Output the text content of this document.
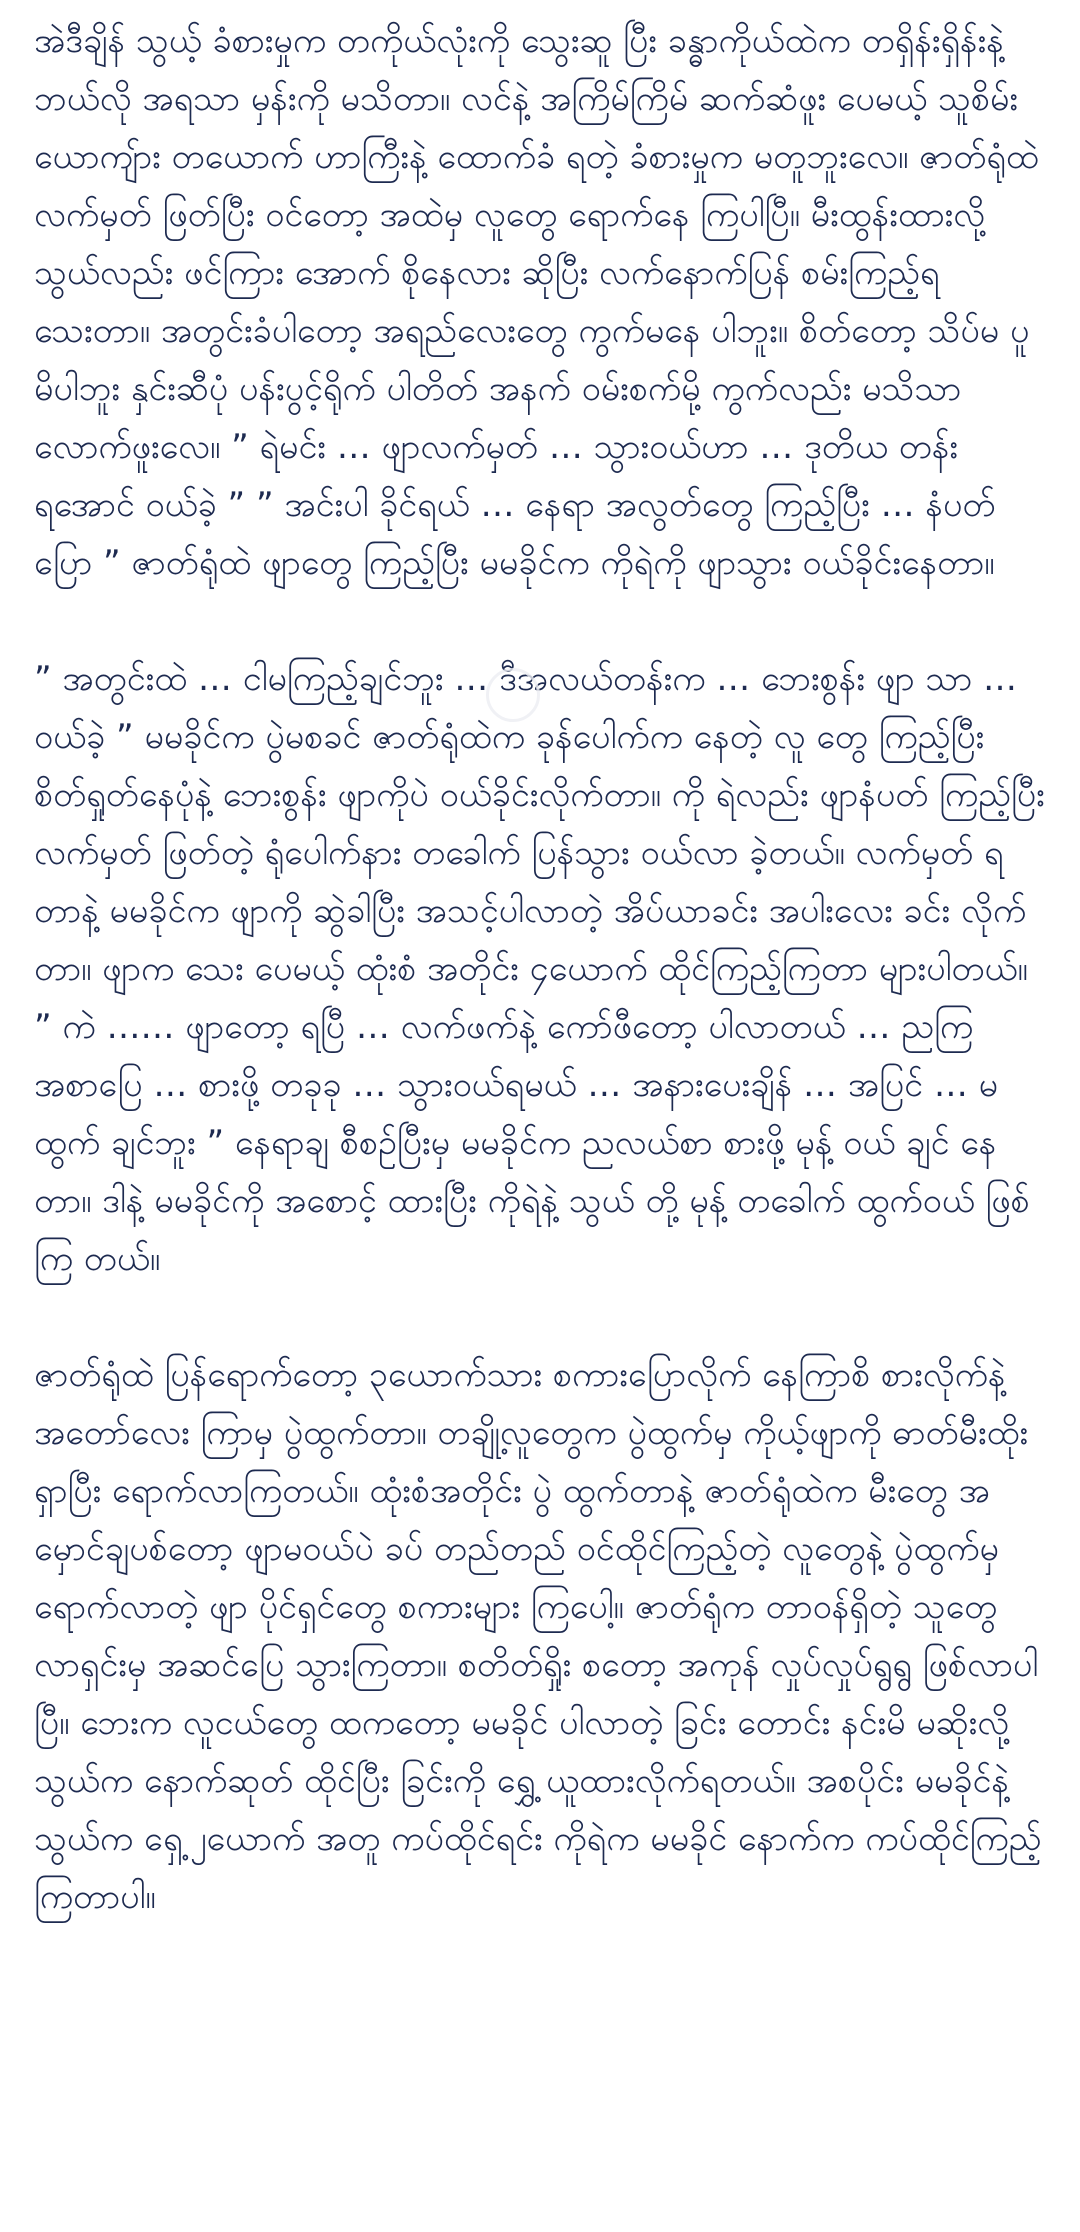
အဲဒီချိန် သွယ့် ခံစားမှုက တကိုယ်လုံးကို သွေးဆူ ပြီး ခန္ဓာကိုယ်ထဲက တရှိန်းရှိန်းနဲ့ ဘယ်လို အရသာ မှန်းကို မသိတာ။ လင်နဲ့ အကြိမ်ကြိမ် ဆက်ဆံဖူး ပေမယ့် သူစိမ်း ယောကျ်ား တယောက် ဟာကြီးနဲ့ ထောက်ခံ ရတဲ့ ခံစားမှုက မတူဘူးလေ။ ဇာတ်ရုံထဲ လက်မှတ် ဖြတ်ပြီး ဝင်တော့ အထဲမှ လူတွေ ရောက်နေ ကြပါပြီ။ မီးထွန်းထားလို့ သွယ်လည်း ဖင်ကြား အောက် စိုနေလား ဆိုပြီး လက်နောက်ပြန် စမ်းကြည့်ရ သေးတာ။ အတွင်းခံပါတော့ အရည်လေးတွေ ကွက်မနေ ပါဘူး။ စိတ်တော့ သိပ်မ ပူမိပါဘူး နှင်းဆီပုံ ပန်းပွင့်ရိုက် ပါတိတ် အနက် ဝမ်းစက်မို့ ကွက်လည်း မသိသာ လောက်ဖူးလေ။ ” ရဲမင်း … ဖျာလက်မှတ် … သွားဝယ်ဟာ … ဒုတိယ တန်း ရအောင် ဝယ်ခဲ့ ” ” အင်းပါ ခိုင်ရယ် … နေရာ အလွတ်တွေ ကြည့်ပြီး … နံပတ်ပြော ” ဇာတ်ရုံထဲ ဖျာတွေ ကြည့်ပြီး မမခိုင်က ကိုရဲကို ဖျာသွား ဝယ်ခိုင်းနေတာ။

” အတွင်းထဲ … ငါမကြည့်ချင်ဘူး … ဒီအလယ်တန်းက … ဘေးစွန်း ဖျာ သာ … ဝယ်ခဲ့ ” မမခိုင်က ပွဲမစခင် ဇာတ်ရုံထဲက ခုန်ပေါက်က နေတဲ့ လူ တွေ ကြည့်ပြီး စိတ်ရှုတ်နေပုံနဲ့ ဘေးစွန်း ဖျာကိုပဲ ဝယ်ခိုင်းလိုက်တာ။ ကို ရဲလည်း ဖျာနံပတ် ကြည့်ပြီး လက်မှတ် ဖြတ်တဲ့ ရုံပေါက်နား တခေါက် ပြန်သွား ဝယ်လာ ခဲ့တယ်။ လက်မှတ် ရတာနဲ့ မမခိုင်က ဖျာကို ဆွဲခါပြီး အသင့်ပါလာတဲ့ အိပ်ယာခင်း အပါးလေး ခင်း လိုက်တာ။ ဖျာက သေး ပေမယ့် ထုံးစံ အတိုင်း ၄ယောက် ထိုင်ကြည့်ကြတာ များပါတယ်။ ” ကဲ …… ဖျာတော့ ရပြီ … လက်ဖက်နဲ့ ကော်ဖီတော့ ပါလာတယ် … ညကြ အစာပြေ … စားဖို့ တခုခု … သွားဝယ်ရမယ် … အနားပေးချိန် … အပြင် … မထွက် ချင်ဘူး ” နေရာချ စီစဉ်ပြီးမှ မမခိုင်က ညလယ်စာ စားဖို့ မုန့် ဝယ် ချင် နေတာ။ ဒါနဲ့ မမခိုင်ကို အစောင့် ထားပြီး ကိုရဲနဲ့ သွယ် တို့ မုန့် တခေါက် ထွက်ဝယ် ဖြစ်ကြ တယ်။

ဇာတ်ရုံထဲ ပြန်ရောက်တော့ ၃ယောက်သား စကားပြောလိုက် နေကြာစိ စားလိုက်နဲ့ အတော်လေး ကြာမှ ပွဲထွက်တာ။ တချို့လူတွေက ပွဲထွက်မှ ကိုယ့်ဖျာကို ဓာတ်မီးထိုး ရှာပြီး ရောက်လာကြတယ်။ ထုံးစံအတိုင်း ပွဲ ထွက်တာနဲ့ ဇာတ်ရုံထဲက မီးတွေ အမှောင်ချပစ်တော့ ဖျာမဝယ်ပဲ ခပ် တည်တည် ဝင်ထိုင်ကြည့်တဲ့ လူတွေနဲ့ ပွဲထွက်မှ ရောက်လာတဲ့ ဖျာ ပိုင်ရှင်တွေ စကားများ ကြပေါ့။ ဇာတ်ရုံက တာဝန်ရှိတဲ့ သူတွေ လာရှင်းမှ အဆင်ပြေ သွားကြတာ။ စတိတ်ရှိုး စတော့ အကုန် လှုပ်လှုပ်ရွရွ ဖြစ်လာပါပြီ။ ဘေးက လူငယ်တွေ ထကတော့ မမခိုင် ပါလာတဲ့ ခြင်း တောင်း နင်းမိ မဆိုးလို့ သွယ်က နောက်ဆုတ် ထိုင်ပြီး ခြင်းကို ရွှေ့ ယူထားလိုက်ရတယ်။ အစပိုင်း မမခိုင်နဲ့ သွယ်က ရှေ့၂ယောက် အတူ ကပ်ထိုင်ရင်း ကိုရဲက မမခိုင် နောက်က ကပ်ထိုင်ကြည့်ကြတာပါ။
